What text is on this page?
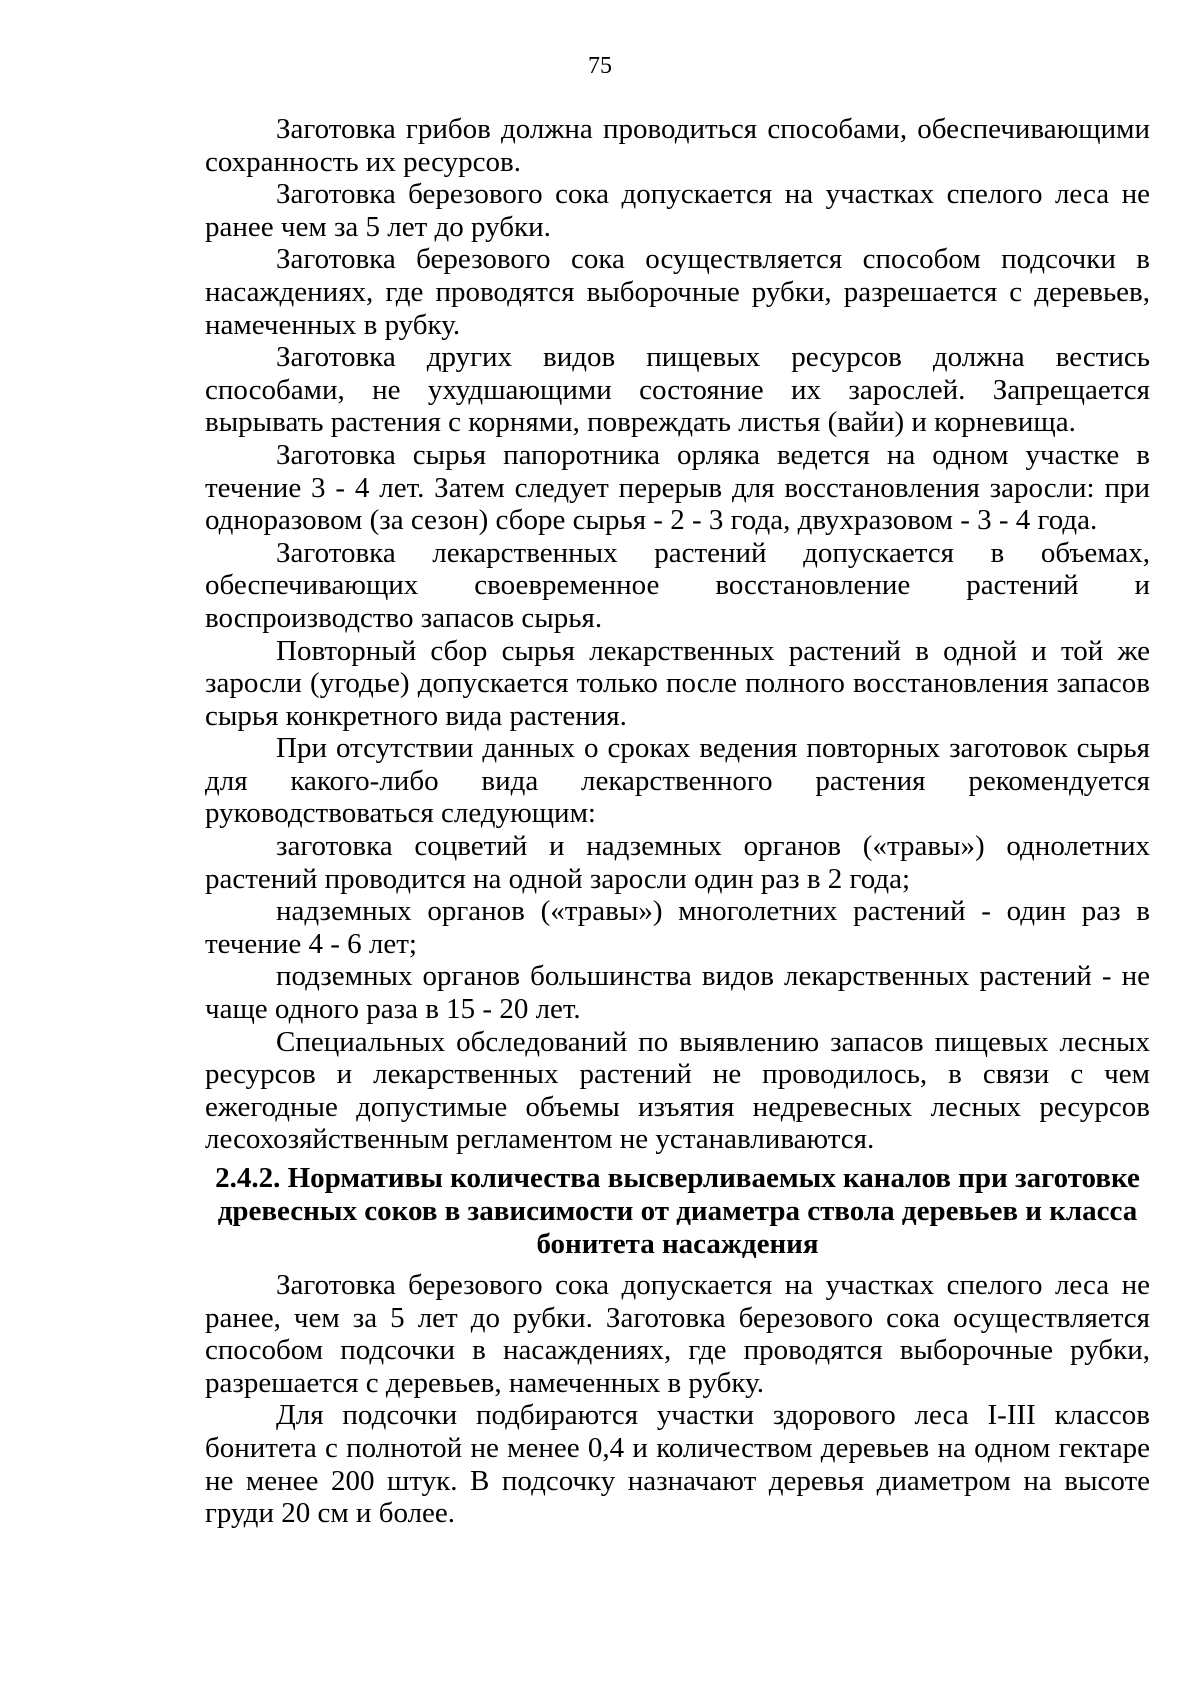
75

Заготовка грибов должна проводиться способами, обеспечивающими сохранность их ресурсов.

Заготовка березового сока допускается на участках спелого леса не ранее чем за 5 лет до рубки.

Заготовка березового сока осуществляется способом подсочки в насаждениях, где проводятся выборочные рубки, разрешается с деревьев, намеченных в рубку.

Заготовка других видов пищевых ресурсов должна вестись способами, не ухудшающими состояние их зарослей. Запрещается вырывать растения с корнями, повреждать листья (вайи) и корневища.

Заготовка сырья папоротника орляка ведется на одном участке в течение 3 - 4 лет. Затем следует перерыв для восстановления заросли: при одноразовом (за сезон) сборе сырья - 2 - 3 года, двухразовом - 3 - 4 года.

Заготовка лекарственных растений допускается в объемах, обеспечивающих своевременное восстановление растений и воспроизводство запасов сырья.

Повторный сбор сырья лекарственных растений в одной и той же заросли (угодье) допускается только после полного восстановления запасов сырья конкретного вида растения.

При отсутствии данных о сроках ведения повторных заготовок сырья для какого-либо вида лекарственного растения рекомендуется руководствоваться следующим:

заготовка соцветий и надземных органов («травы») однолетних растений проводится на одной заросли один раз в 2 года;

надземных органов («травы») многолетних растений - один раз в течение 4 - 6 лет;

подземных органов большинства видов лекарственных растений - не чаще одного раза в 15 - 20 лет.

Специальных обследований по выявлению запасов пищевых лесных ресурсов и лекарственных растений не проводилось, в связи с чем ежегодные допустимые объемы изъятия недревесных лесных ресурсов лесохозяйственным регламентом не устанавливаются.

2.4.2. Нормативы количества высверливаемых каналов при заготовке древесных соков в зависимости от диаметра ствола деревьев и класса бонитета насаждения

Заготовка березового сока допускается на участках спелого леса не ранее, чем за 5 лет до рубки. Заготовка березового сока осуществляется способом подсочки в насаждениях, где проводятся выборочные рубки, разрешается с деревьев, намеченных в рубку.

Для подсочки подбираются участки здорового леса I-III классов бонитета с полнотой не менее 0,4 и количеством деревьев на одном гектаре не менее 200 штук. В подсочку назначают деревья диаметром на высоте груди 20 см и более.
